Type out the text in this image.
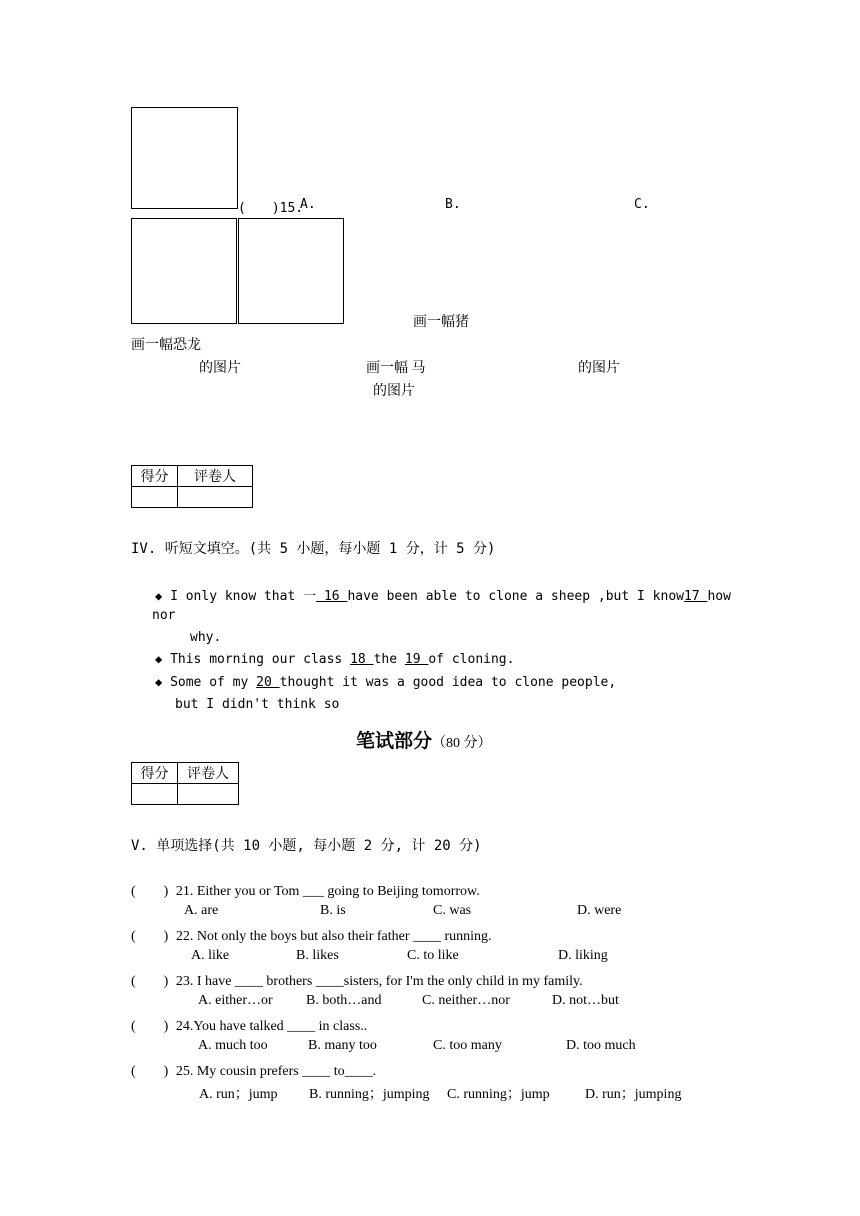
(　　)15.
A.	B.	C.
画一幅猪
画一幅恐龙
的图片	画一幅 马	的图片
的图片
得分	评卷人

IV. 听短文填空。(共 5 小题，每小题 1 分，计 5 分)
◆ I only know that 一 16 have been able to clone a sheep ,but I know17 how
nor
why.
◆ This morning our class 18 the 19 of cloning.
◆ Some of my 20 thought it was a good idea to clone people,
but I didn't think so
笔试部分（80 分）
得分	评卷人

V. 单项选择(共 10 小题, 每小题 2 分, 计 20 分)
(　　) 21. Either you or Tom ___ going to Beijing tomorrow.
A. are	B. is	C. was	D. were
(　　) 22. Not only the boys but also their father ____ running.
A. like	B. likes	C. to like	D. liking
(　　) 23. I have ____ brothers ____sisters, for I'm the only child in my family.
A. either…or B. both…and	C. neither…nor	D. not…but
(　　) 24.You have talked ____ in class..
A. much too	B. many too	C. too many	D. too much
(　　) 25. My cousin prefers ____ to____.
A. run；jump B. running；jumping C. running；jump	D. run；jumping
